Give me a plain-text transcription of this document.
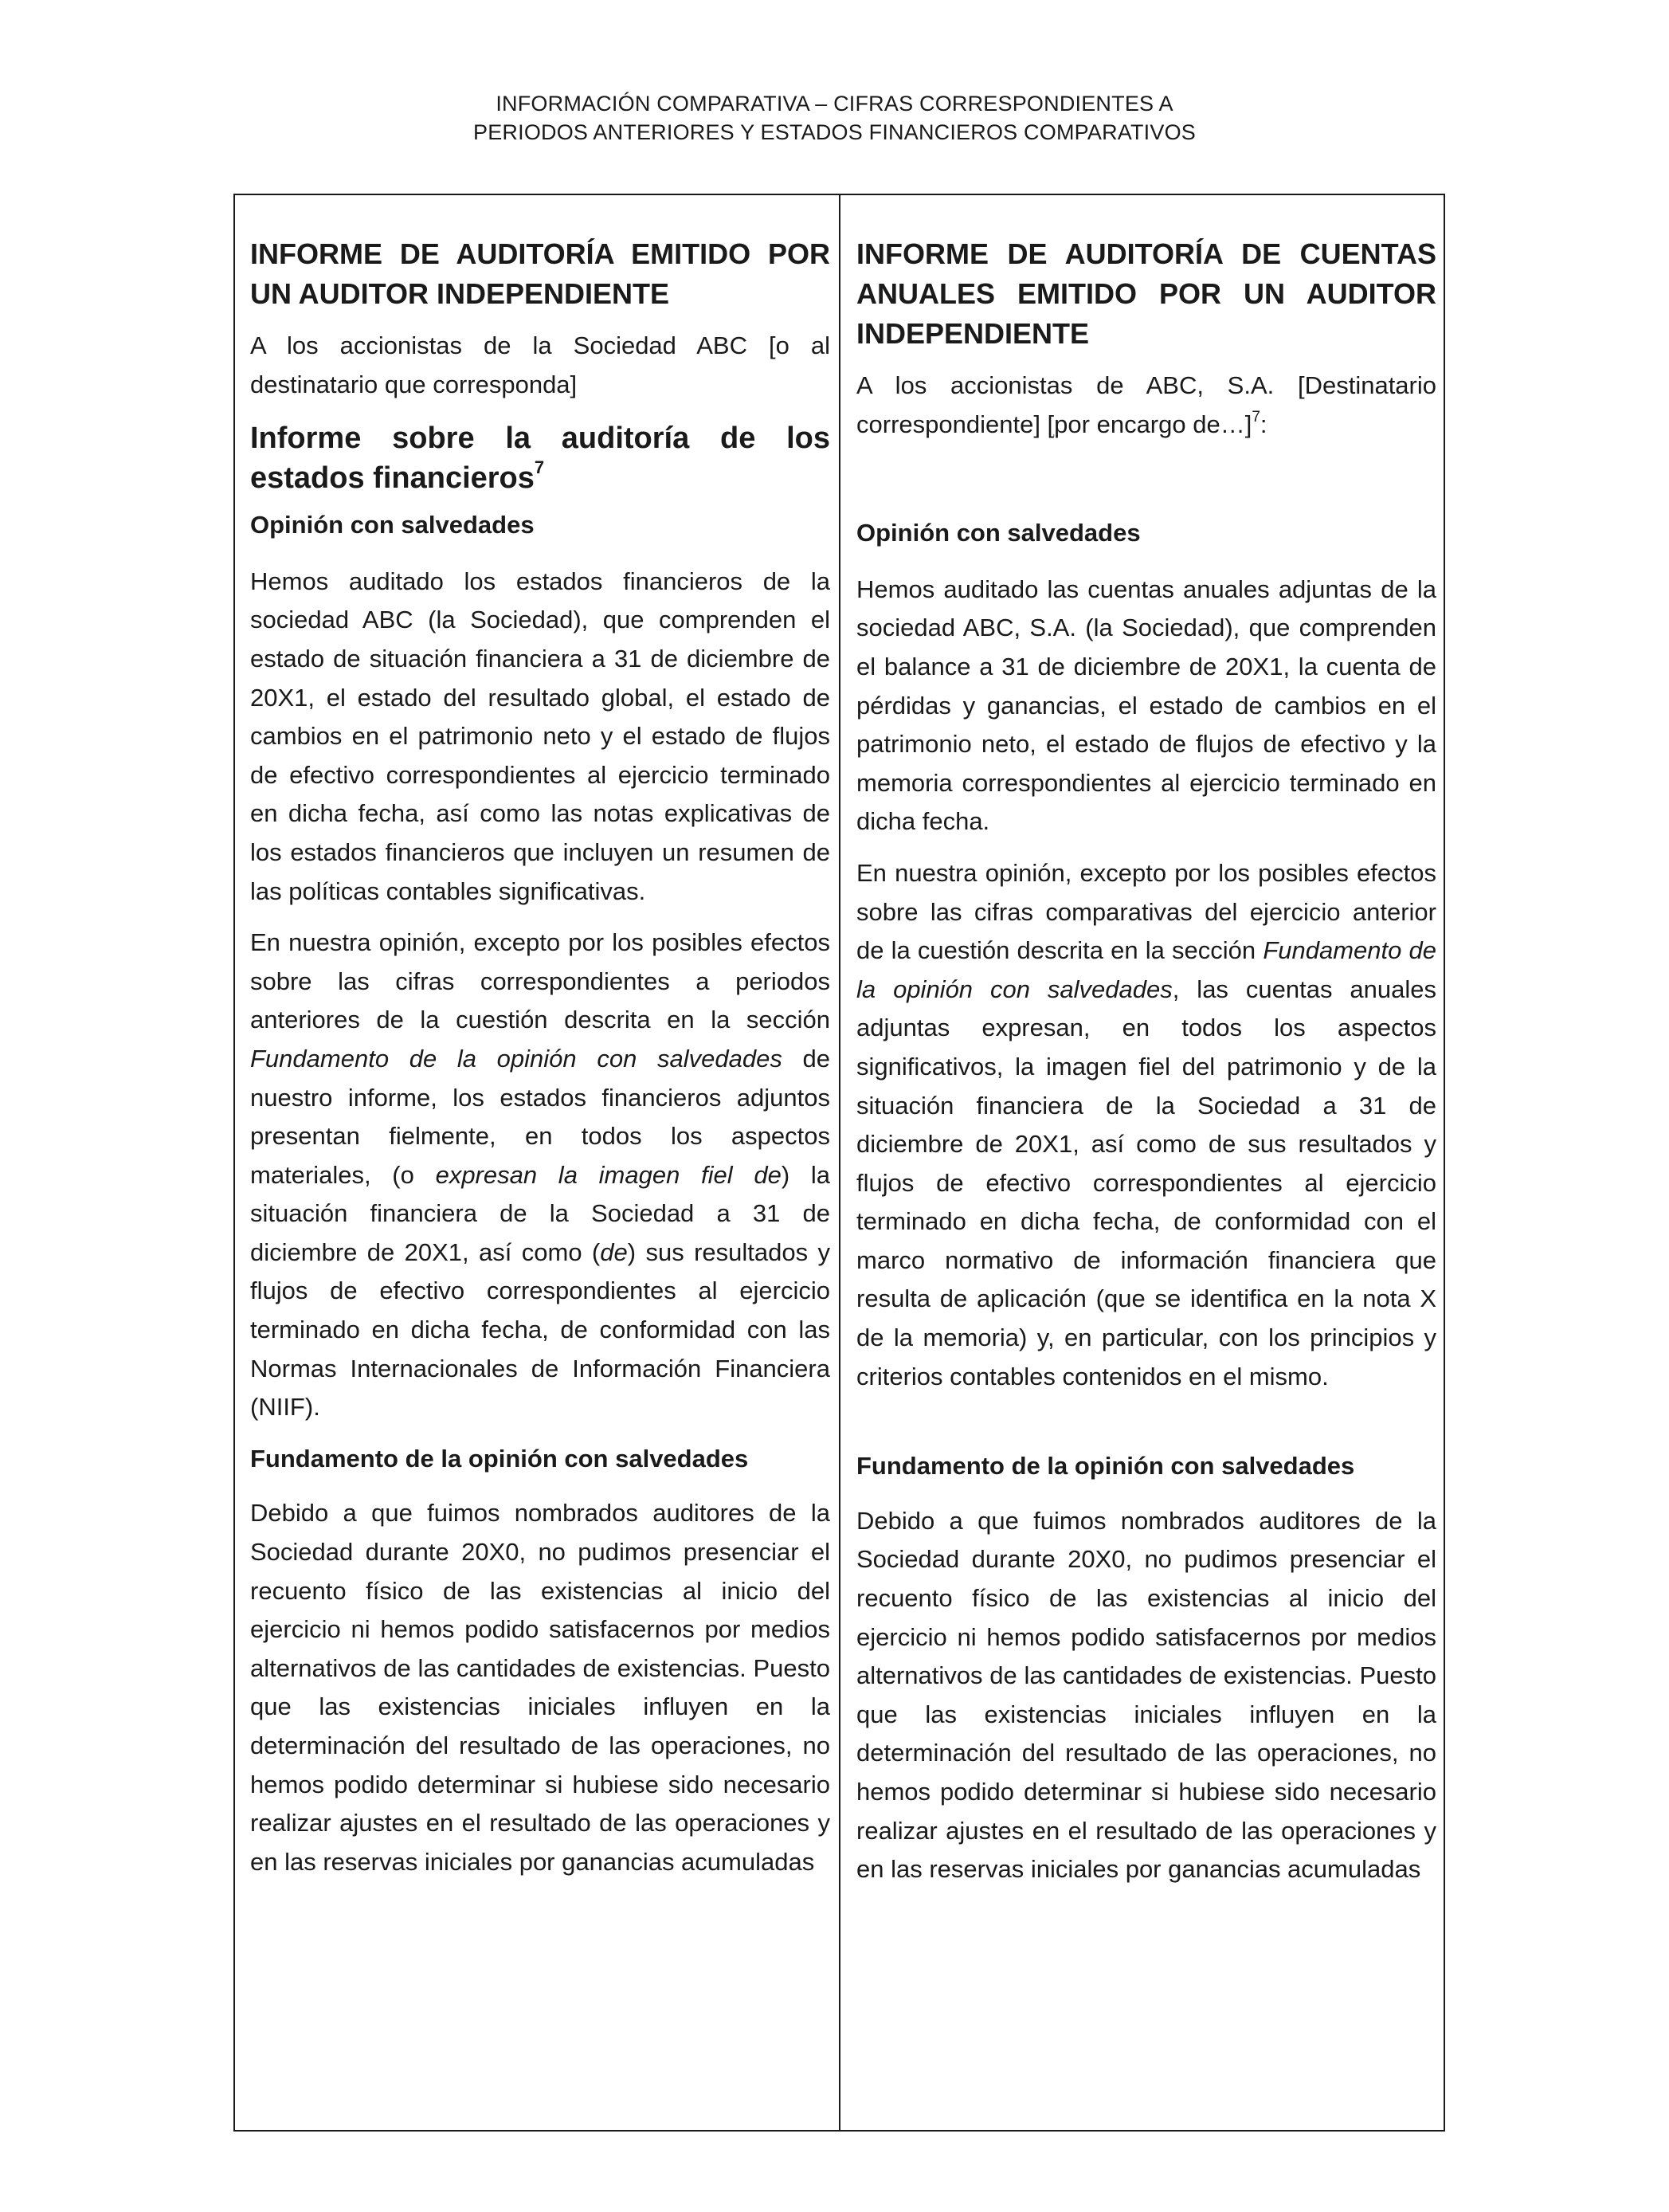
INFORMACIÓN COMPARATIVA – CIFRAS CORRESPONDIENTES A
PERIODOS ANTERIORES Y ESTADOS FINANCIEROS COMPARATIVOS

INFORME DE AUDITORÍA EMITIDO POR UN AUDITOR INDEPENDIENTE

A los accionistas de la Sociedad ABC [o al destinatario que corresponda]

Informe sobre la auditoría de los estados financieros$^7$

Opinión con salvedades

Hemos auditado los estados financieros de la sociedad ABC (la Sociedad), que comprenden el estado de situación financiera a 31 de diciembre de 20X1, el estado del resultado global, el estado de cambios en el patrimonio neto y el estado de flujos de efectivo correspondientes al ejercicio terminado en dicha fecha, así como las notas explicativas de los estados financieros que incluyen un resumen de las políticas contables significativas.

En nuestra opinión, excepto por los posibles efectos sobre las cifras correspondientes a periodos anteriores de la cuestión descrita en la sección Fundamento de la opinión con salvedades de nuestro informe, los estados financieros adjuntos presentan fielmente, en todos los aspectos materiales, (o expresan la imagen fiel de) la situación financiera de la Sociedad a 31 de diciembre de 20X1, así como (de) sus resultados y flujos de efectivo correspondientes al ejercicio terminado en dicha fecha, de conformidad con las Normas Internacionales de Información Financiera (NIIF).

Fundamento de la opinión con salvedades

Debido a que fuimos nombrados auditores de la Sociedad durante 20X0, no pudimos presenciar el recuento físico de las existencias al inicio del ejercicio ni hemos podido satisfacernos por medios alternativos de las cantidades de existencias. Puesto que las existencias iniciales influyen en la determinación del resultado de las operaciones, no hemos podido determinar si hubiese sido necesario realizar ajustes en el resultado de las operaciones y en las reservas iniciales por ganancias acumuladas

INFORME DE AUDITORÍA DE CUENTAS ANUALES EMITIDO POR UN AUDITOR INDEPENDIENTE

A los accionistas de ABC, S.A. [Destinatario correspondiente] [por encargo de…]$^7$:

Opinión con salvedades

Hemos auditado las cuentas anuales adjuntas de la sociedad ABC, S.A. (la Sociedad), que comprenden el balance a 31 de diciembre de 20X1, la cuenta de pérdidas y ganancias, el estado de cambios en el patrimonio neto, el estado de flujos de efectivo y la memoria correspondientes al ejercicio terminado en dicha fecha.

En nuestra opinión, excepto por los posibles efectos sobre las cifras comparativas del ejercicio anterior de la cuestión descrita en la sección Fundamento de la opinión con salvedades, las cuentas anuales adjuntas expresan, en todos los aspectos significativos, la imagen fiel del patrimonio y de la situación financiera de la Sociedad a 31 de diciembre de 20X1, así como de sus resultados y flujos de efectivo correspondientes al ejercicio terminado en dicha fecha, de conformidad con el marco normativo de información financiera que resulta de aplicación (que se identifica en la nota X de la memoria) y, en particular, con los principios y criterios contables contenidos en el mismo.

Fundamento de la opinión con salvedades

Debido a que fuimos nombrados auditores de la Sociedad durante 20X0, no pudimos presenciar el recuento físico de las existencias al inicio del ejercicio ni hemos podido satisfacernos por medios alternativos de las cantidades de existencias. Puesto que las existencias iniciales influyen en la determinación del resultado de las operaciones, no hemos podido determinar si hubiese sido necesario realizar ajustes en el resultado de las operaciones y en las reservas iniciales por ganancias acumuladas
